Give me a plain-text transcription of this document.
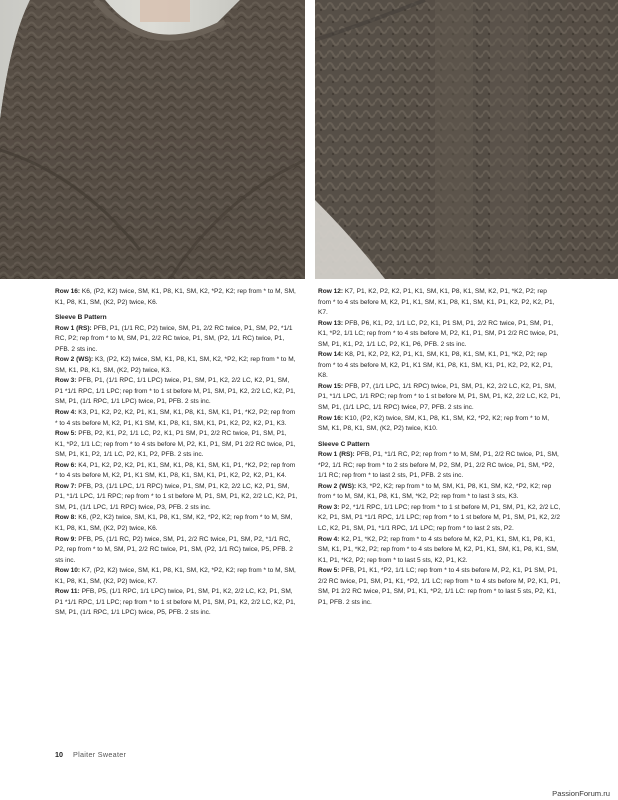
Row 16: K6, (P2, K2) twice, SM, K1, P8, K1, SM, K2, *P2, K2; rep from * to M, SM, K1, P8, K1, SM, (K2, P2) twice, K6.

Sleeve B Pattern

Row 1 (RS): PFB, P1, (1/1 RC, P2) twice, SM, P1, 2/2 RC twice, P1, SM, P2, *1/1 RC, P2; rep from * to M, SM, P1, 2/2 RC twice, P1, SM, (P2, 1/1 RC) twice, P1, PFB. 2 sts inc.

Row 2 (WS): K3, (P2, K2) twice, SM, K1, P8, K1, SM, K2, *P2, K2; rep from * to M, SM, K1, P8, K1, SM, (K2, P2) twice, K3.

Row 3: PFB, P1, (1/1 RPC, 1/1 LPC) twice, P1, SM, P1, K2, 2/2 LC, K2, P1, SM, P1 *1/1 RPC, 1/1 LPC; rep from * to 1 st before M, P1, SM, P1, K2, 2/2 LC, K2, P1, SM, P1, (1/1 RPC, 1/1 LPC) twice, P1, PFB. 2 sts inc.

Row 4: K3, P1, K2, P2, K2, P1, K1, SM, K1, P8, K1, SM, K1, P1, *K2, P2; rep from * to 4 sts before M, K2, P1, K1 SM, K1, P8, K1, SM, K1, P1, K2, P2, K2, P1, K3.

Row 5: PFB, P2, K1, P2, 1/1 LC, P2, K1, P1 SM, P1, 2/2 RC twice, P1, SM, P1, K1, *P2, 1/1 LC; rep from * to 4 sts before M, P2, K1, P1, SM, P1 2/2 RC twice, P1, SM, P1, K1, P2, 1/1 LC, P2, K1, P2, PFB. 2 sts inc.

Row 6: K4, P1, K2, P2, K2, P1, K1, SM, K1, P8, K1, SM, K1, P1, *K2, P2; rep from * to 4 sts before M, K2, P1, K1 SM, K1, P8, K1, SM, K1, P1, K2, P2, K2, P1, K4.

Row 7: PFB, P3, (1/1 LPC, 1/1 RPC) twice, P1, SM, P1, K2, 2/2 LC, K2, P1, SM, P1, *1/1 LPC, 1/1 RPC; rep from * to 1 st before M, P1, SM, P1, K2, 2/2 LC, K2, P1, SM, P1, (1/1 LPC, 1/1 RPC) twice, P3, PFB. 2 sts inc.

Row 8: K6, (P2, K2) twice, SM, K1, P8, K1, SM, K2, *P2, K2; rep from * to M, SM, K1, P8, K1, SM, (K2, P2) twice, K6.

Row 9: PFB, P5, (1/1 RC, P2) twice, SM, P1, 2/2 RC twice, P1, SM, P2, *1/1 RC, P2, rep from * to M, SM, P1, 2/2 RC twice, P1, SM, (P2, 1/1 RC) twice, P5, PFB. 2 sts inc.

Row 10: K7, (P2, K2) twice, SM, K1, P8, K1, SM, K2, *P2, K2; rep from * to M, SM, K1, P8, K1, SM, (K2, P2) twice, K7.

Row 11: PFB, P5, (1/1 RPC, 1/1 LPC) twice, P1, SM, P1, K2, 2/2 LC, K2, P1, SM, P1 *1/1 RPC, 1/1 LPC; rep from * to 1 st before M, P1, SM, P1, K2, 2/2 LC, K2, P1, SM, P1, (1/1 RPC, 1/1 LPC) twice, P5, PFB. 2 sts inc.

Row 12: K7, P1, K2, P2, K2, P1, K1, SM, K1, P8, K1, SM, K2, P1, *K2, P2; rep from * to 4 sts before M, K2, P1, K1, SM, K1, P8, K1, SM, K1, P1, K2, P2, K2, P1, K7.

Row 13: PFB, P6, K1, P2, 1/1 LC, P2, K1, P1 SM, P1, 2/2 RC twice, P1, SM, P1, K1, *P2, 1/1 LC; rep from * to 4 sts before M, P2, K1, P1, SM, P1 2/2 RC twice, P1, SM, P1, K1, P2, 1/1 LC, P2, K1, P6, PFB. 2 sts inc.

Row 14: K8, P1, K2, P2, K2, P1, K1, SM, K1, P8, K1, SM, K1, P1, *K2, P2; rep from * to 4 sts before M, K2, P1, K1 SM, K1, P8, K1, SM, K1, P1, K2, P2, K2, P1, K8.

Row 15: PFB, P7, (1/1 LPC, 1/1 RPC) twice, P1, SM, P1, K2, 2/2 LC, K2, P1, SM, P1, *1/1 LPC, 1/1 RPC; rep from * to 1 st before M, P1, SM, P1, K2, 2/2 LC, K2, P1, SM, P1, (1/1 LPC, 1/1 RPC) twice, P7, PFB. 2 sts inc.

Row 16: K10, (P2, K2) twice, SM, K1, P8, K1, SM, K2, *P2, K2; rep from * to M, SM, K1, P8, K1, SM, (K2, P2) twice, K10.

Sleeve C Pattern

Row 1 (RS): PFB, P1, *1/1 RC, P2; rep from * to M, SM, P1, 2/2 RC twice, P1, SM, *P2, 1/1 RC; rep from * to 2 sts before M, P2, SM, P1, 2/2 RC twice, P1, SM, *P2, 1/1 RC; rep from * to last 2 sts, P1, PFB. 2 sts inc.

Row 2 (WS): K3, *P2, K2; rep from * to M, SM, K1, P8, K1, SM, K2, *P2, K2; rep from * to M, SM, K1, P8, K1, SM, *K2, P2; rep from * to last 3 sts, K3.

Row 3: P2, *1/1 RPC, 1/1 LPC; rep from * to 1 st before M, P1, SM, P1, K2, 2/2 LC, K2, P1, SM, P1 *1/1 RPC, 1/1 LPC; rep from * to 1 st before M, P1, SM, P1, K2, 2/2 LC, K2, P1, SM, P1, *1/1 RPC, 1/1 LPC; rep from * to last 2 sts, P2.

Row 4: K2, P1, *K2, P2; rep from * to 4 sts before M, K2, P1, K1, SM, K1, P8, K1, SM, K1, P1, *K2, P2; rep from * to 4 sts before M, K2, P1, K1, SM, K1, P8, K1, SM, K1, P1, *K2, P2; rep from * to last 5 sts, K2, P1, K2.

Row 5: PFB, P1, K1, *P2, 1/1 LC; rep from * to 4 sts before M, P2, K1, P1 SM, P1, 2/2 RC twice, P1, SM, P1, K1, *P2, 1/1 LC; rep from * to 4 sts before M, P2, K1, P1, SM, P1 2/2 RC twice, P1, SM, P1, K1, *P2, 1/1 LC: rep from * to last 5 sts, P2, K1, P1, PFB. 2 sts inc.

10 Plaiter Sweater
PassionForum.ru
